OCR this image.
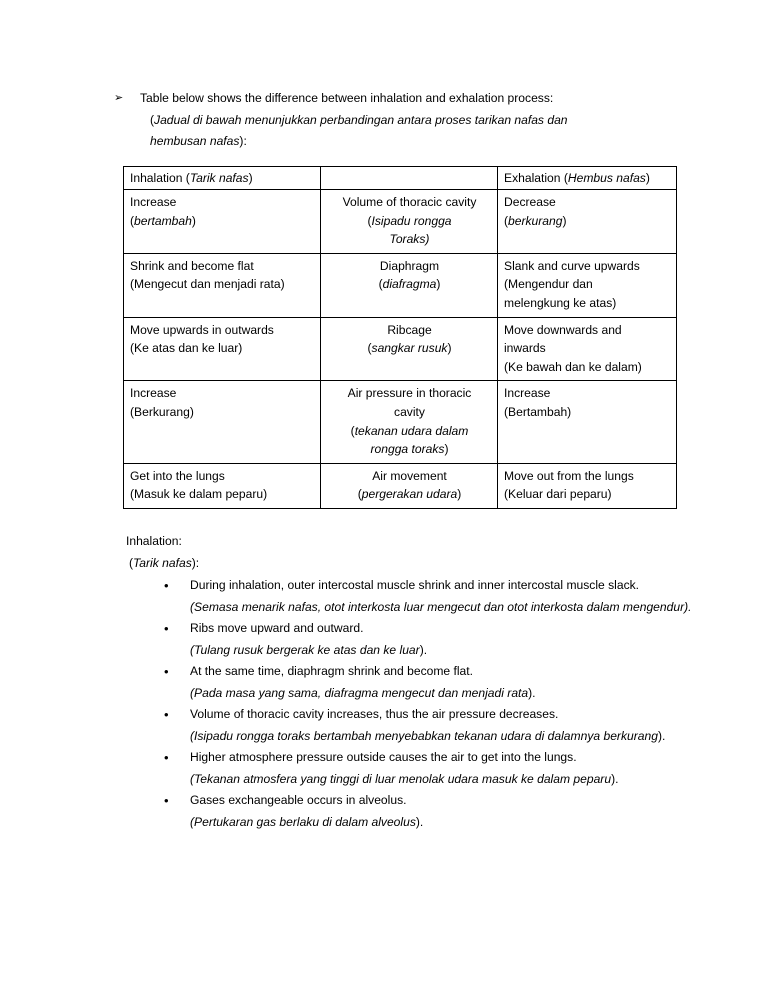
➢ Table below shows the difference between inhalation and exhalation process:
(Jadual di bawah menunjukkan perbandingan antara proses tarikan nafas dan
hembusan nafas):
Inhalation (Tarik nafas)		Exhalation (Hembus nafas)

Increase
(bertambah)	Volume of thoracic cavity
(Isipadu rongga
Toraks)	Decrease
(berkurang)

Shrink and become flat
(Mengecut dan menjadi rata)	Diaphragm
(diafragma)	Slank and curve upwards
(Mengendur dan
melengkung ke atas)

Move upwards in outwards
(Ke atas dan ke luar)	Ribcage
(sangkar rusuk)	Move downwards and
inwards
(Ke bawah dan ke dalam)

Increase
(Berkurang)	Air pressure in thoracic
cavity
(tekanan udara dalam
rongga toraks)	Increase
(Bertambah)

Get into the lungs
(Masuk ke dalam peparu)	Air movement
(pergerakan udara)	Move out from the lungs
(Keluar dari peparu)
Inhalation:
(Tarik nafas):
• During inhalation, outer intercostal muscle shrink and inner intercostal muscle slack.
(Semasa menarik nafas, otot interkosta luar mengecut dan otot interkosta dalam mengendur).
• Ribs move upward and outward.
(Tulang rusuk bergerak ke atas dan ke luar).
• At the same time, diaphragm shrink and become flat.
(Pada masa yang sama, diafragma mengecut dan menjadi rata).
• Volume of thoracic cavity increases, thus the air pressure decreases.
(Isipadu rongga toraks bertambah menyebabkan tekanan udara di dalamnya berkurang).
• Higher atmosphere pressure outside causes the air to get into the lungs.
(Tekanan atmosfera yang tinggi di luar menolak udara masuk ke dalam peparu).
• Gases exchangeable occurs in alveolus.
(Pertukaran gas berlaku di dalam alveolus).
